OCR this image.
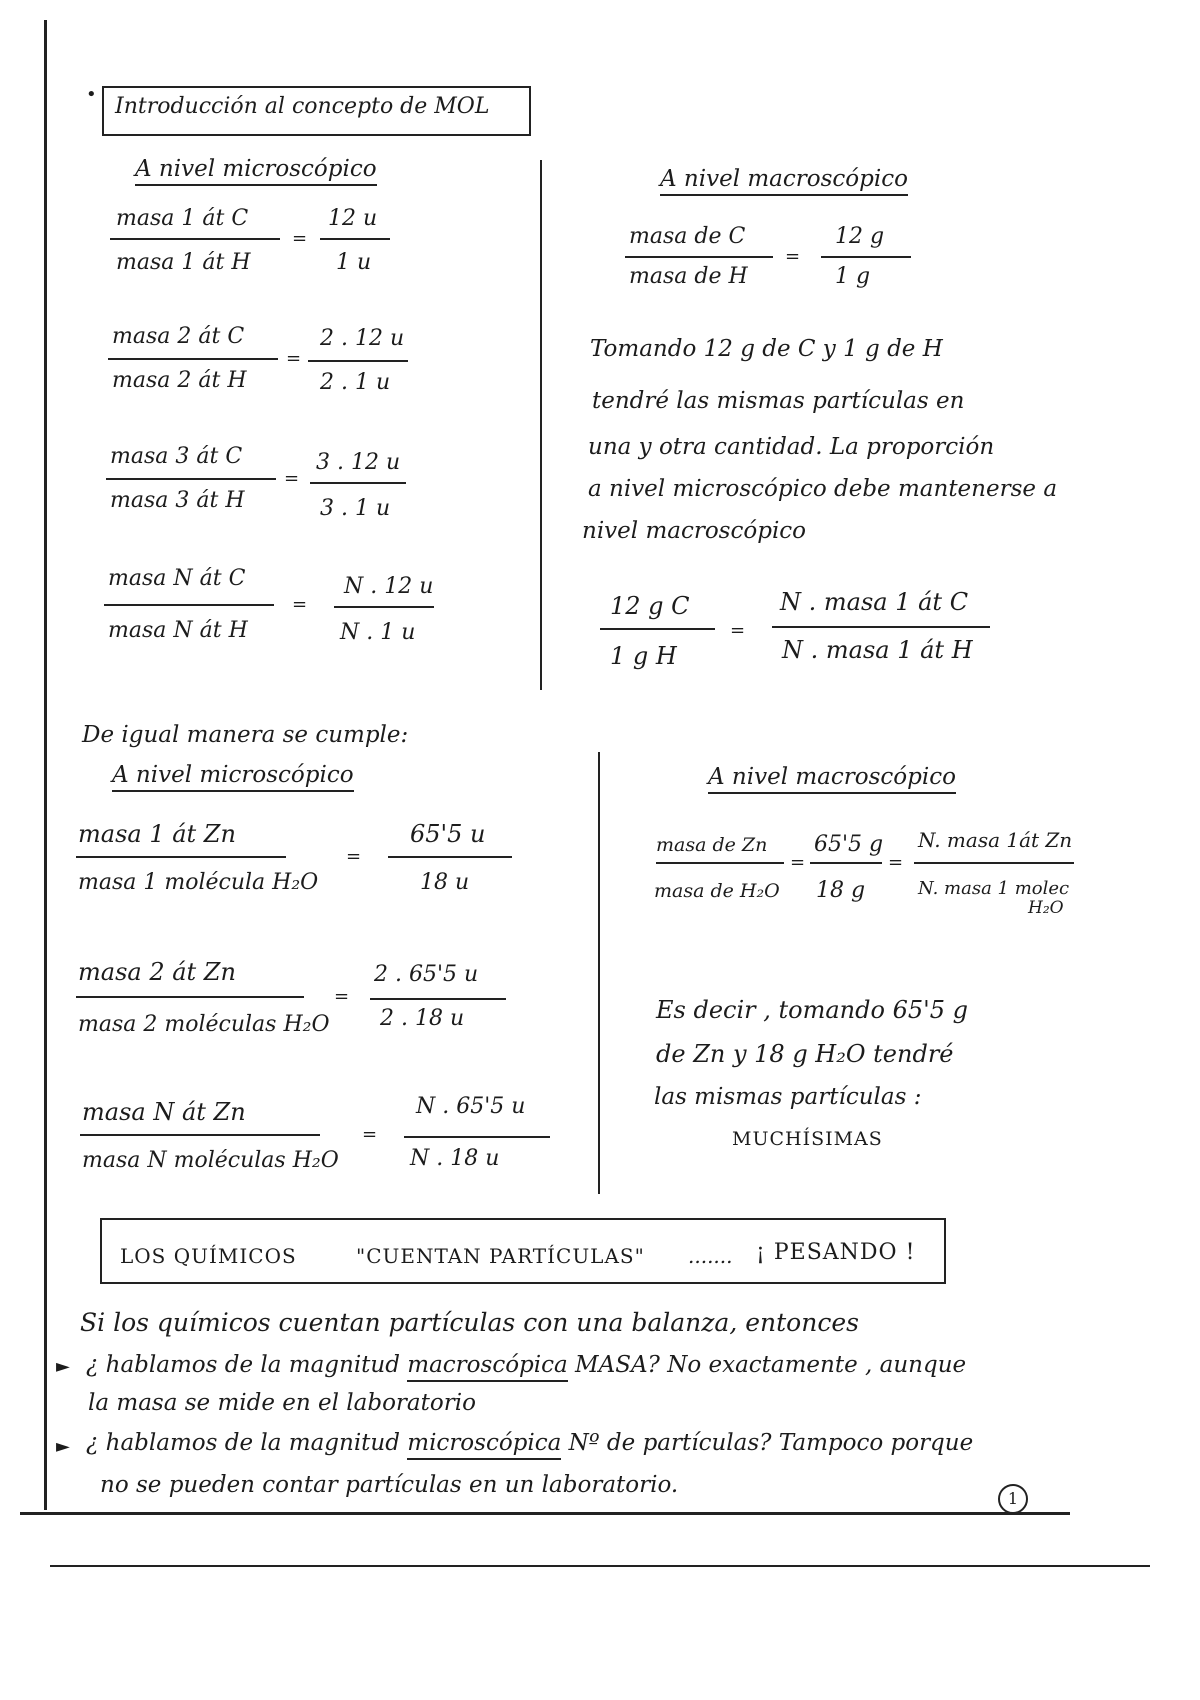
• Introducción al concepto de MOL
A nivel microscópico	A nivel macroscópico
masa 1 át C
masa 1 át H
=
12 u
1 u
masa 2 át C
masa 2 át H
=
2 . 12 u
2 . 1 u
masa 3 át C
masa 3 át H
=
3 . 12 u
3 . 1 u
masa N át C
masa N át H
=
N . 12 u
N . 1 u
masa de C
masa de H
=
12 g
1 g
Tomando 12 g de C y 1 g de H
tendré las mismas partículas en
una y otra cantidad. La proporción
a nivel microscópico debe mantenerse a
nivel macroscópico
12 g C
1 g H
=
N . masa 1 át C
N . masa 1 át H
De igual manera se cumple:
A nivel microscópico	A nivel macroscópico
masa 1 át Zn
masa 1 molécula H₂O
=
65'5 u
18 u
masa 2 át Zn
masa 2 moléculas H₂O
=
2 . 65'5 u
2 . 18 u
masa N át Zn
masa N moléculas H₂O
=
N . 65'5 u
N . 18 u
masa de Zn
masa de H₂O
=
65'5 g
18 g
=
N. masa 1át Zn
N. masa 1 molec
H₂O
Es decir , tomando 65'5 g
de Zn y 18 g H₂O tendré
las mismas partículas :
MUCHÍSIMAS
LOS QUÍMICOS	"CUENTAN PARTÍCULAS" ....... ¡ PESANDO !
Si los químicos cuentan partículas con una balanza, entonces
► ¿ hablamos de la magnitud macroscópica MASA? No exactamente , aunque
la masa se mide en el laboratorio
► ¿ hablamos de la magnitud microscópica Nº de partículas? Tampoco porque
no se pueden contar partículas en un laboratorio.
1
